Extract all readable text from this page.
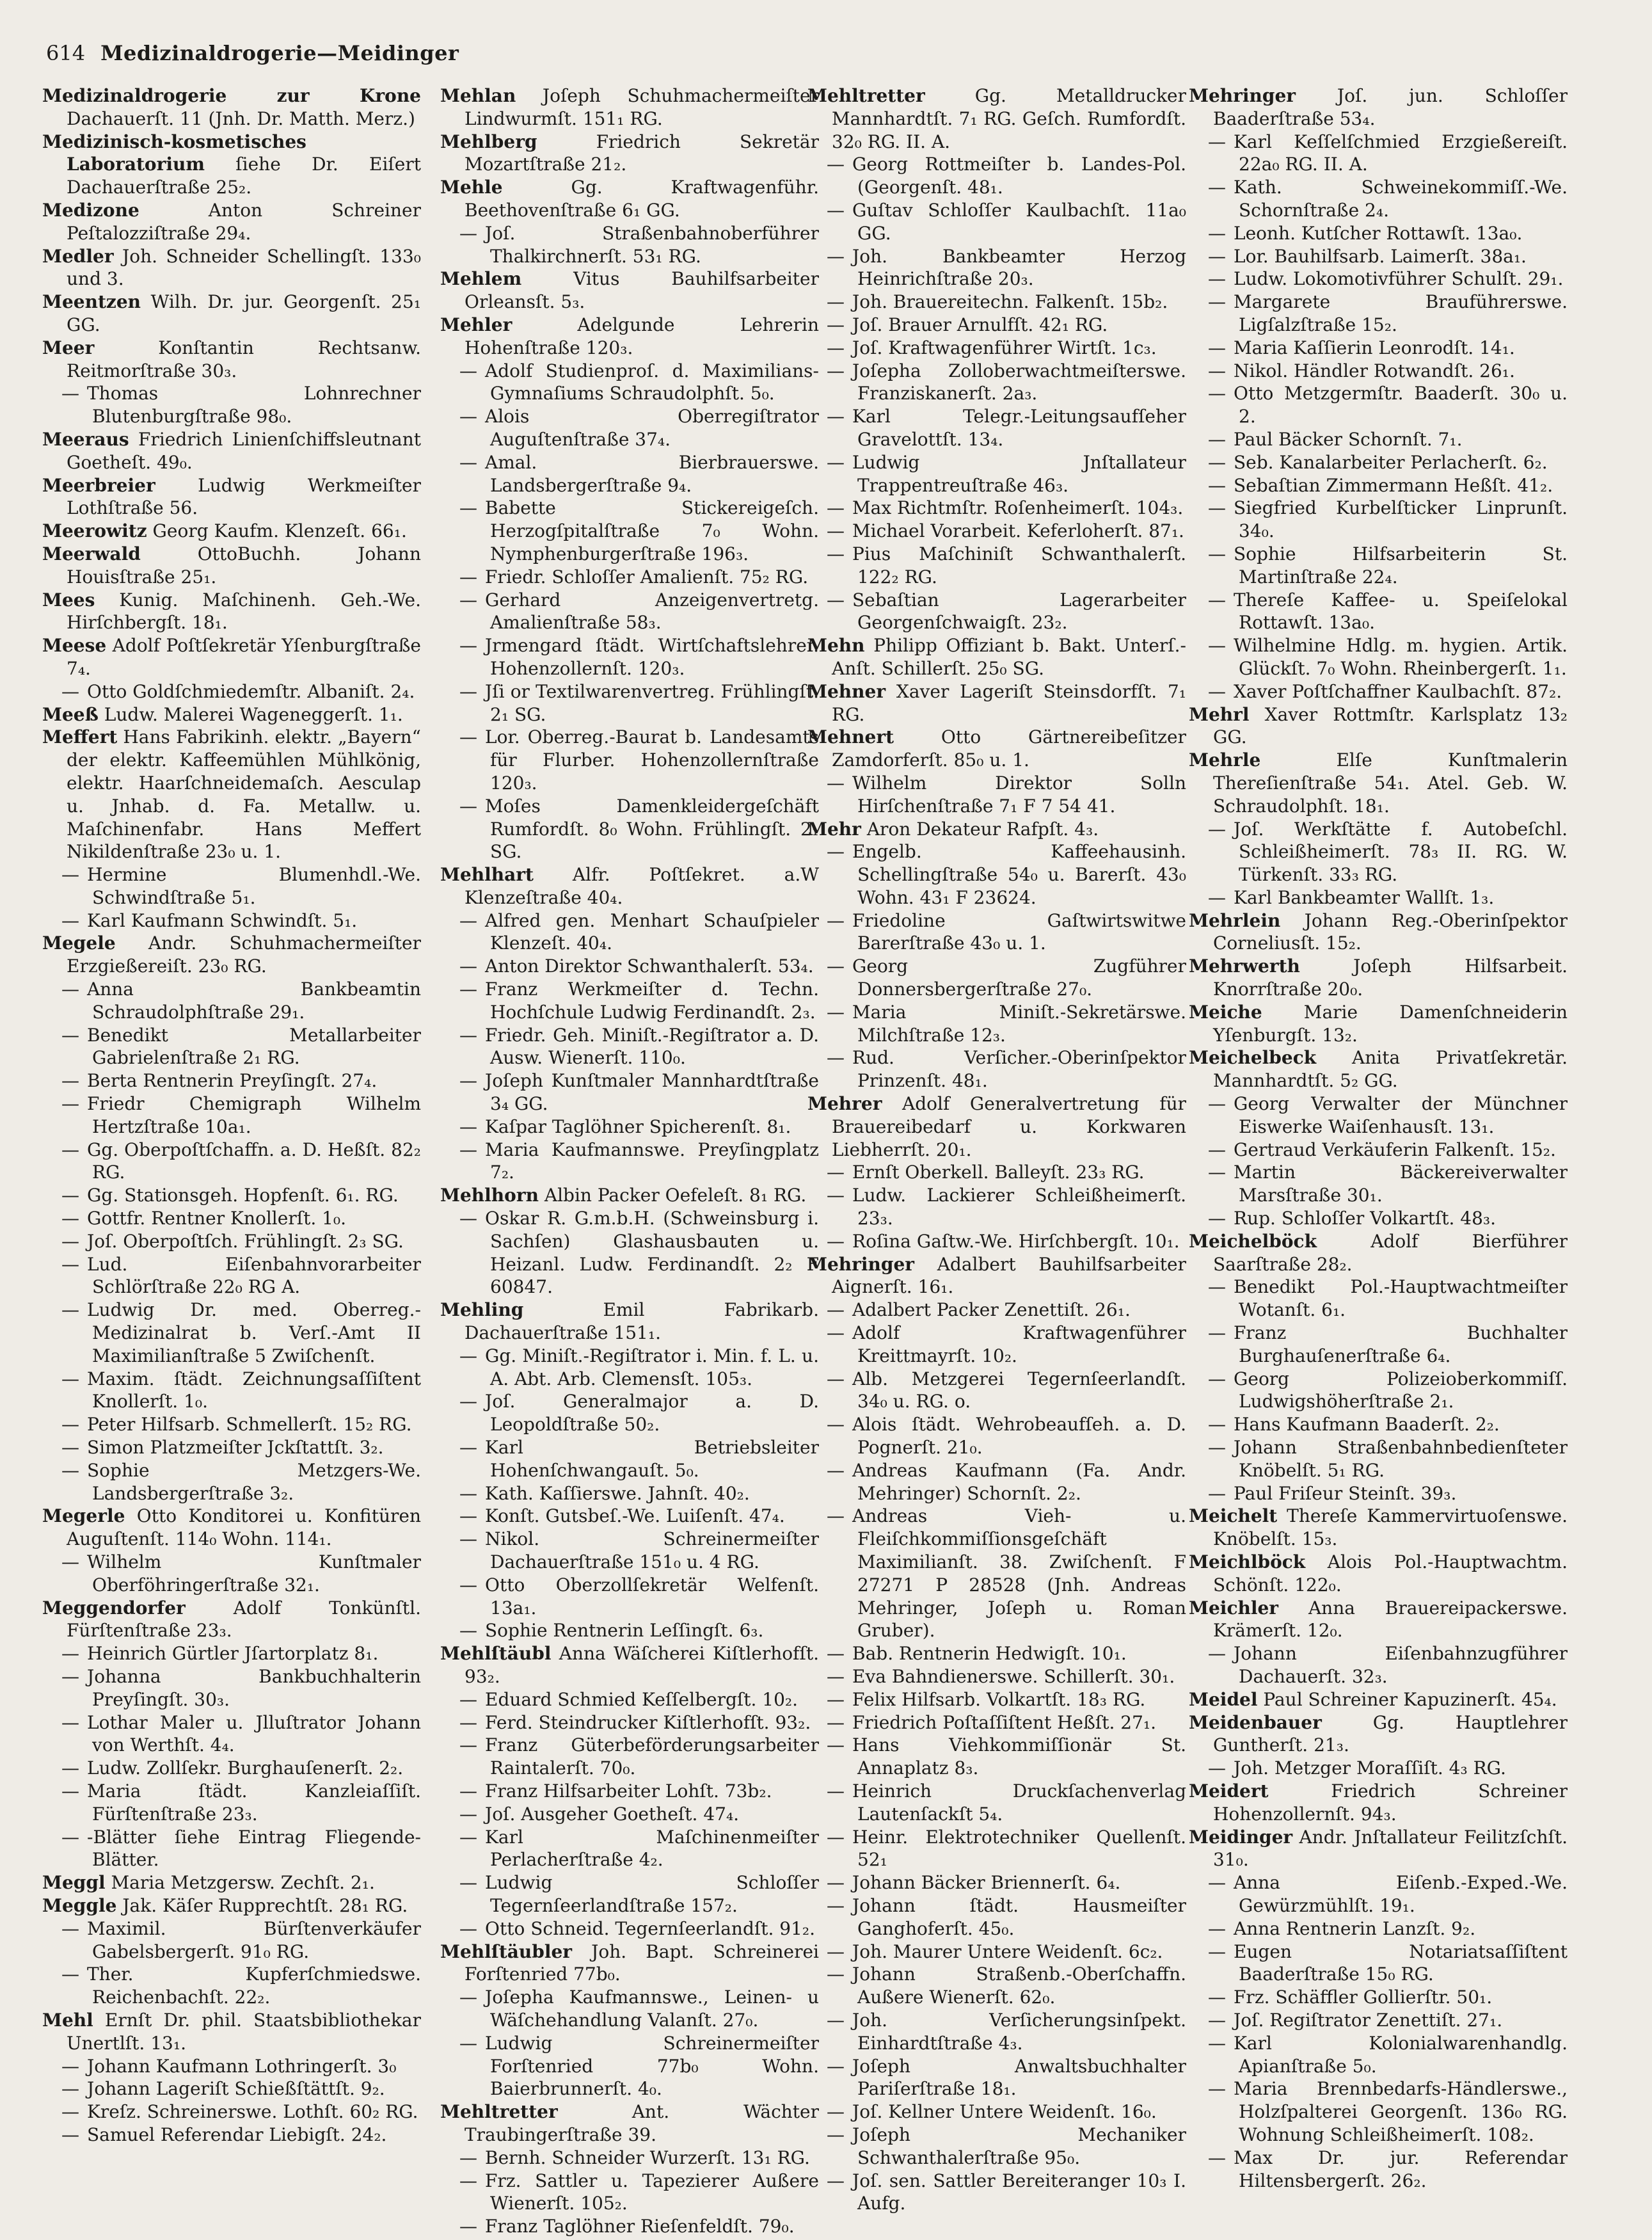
614 Medizinaldrogerie—Meidinger

Medizinaldrogerie zur Krone Dachauerſt. 11 (Jnh. Dr. Matth. Merz.)

Medizinisch-kosmetisches Laboratorium ſiehe Dr. Eiſert Dachauerſtraße 25₂.

Medizone Anton Schreiner Peſtalozziſtraße 29₄.

Medler Joh. Schneider Schellingſt. 133₀ und 3.

Meentzen Wilh. Dr. jur. Georgenſt. 25₁ GG.

Meer Konſtantin Rechtsanw. Reitmorſtraße 30₃.

— Thomas Lohnrechner Blutenburgſtraße 98₀.

Meeraus Friedrich Linienſchiffsleutnant Goetheſt. 49₀.

Meerbreier Ludwig Werkmeiſter Lothſtraße 56.

Meerowitz Georg Kaufm. Klenzeſt. 66₁.

Meerwald OttoBuchh. Johann Houisſtraße 25₁.

Mees Kunig. Maſchinenh. Geh.-We. Hirſchbergſt. 18₁.

Meese Adolf Poſtſekretär Yſenburgſtraße 7₄.

— Otto Goldſchmiedemſtr. Albaniſt. 2₄.

Meeß Ludw. Malerei Wageneggerſt. 1₁.

Meffert Hans Fabrikinh. elektr. „Bayern“ der elektr. Kaffeemühlen Mühlkönig, elektr. Haarſchneidemaſch. Aesculap u. Jnhab. d. Fa. Metallw. u. Maſchinenfabr. Hans Meffert Nikildenſtraße 23₀ u. 1.

— Hermine Blumenhdl.-We. Schwindſtraße 5₁.

— Karl Kaufmann Schwindſt. 5₁.

Megele Andr. Schuhmachermeiſter Erzgießereiſt. 23₀ RG.

— Anna Bankbeamtin Schraudolphſtraße 29₁.

— Benedikt Metallarbeiter Gabrielenſtraße 2₁ RG.

— Berta Rentnerin Preyſingſt. 27₄.

— Friedr Chemigraph Wilhelm Hertzſtraße 10a₁.

— Gg. Oberpoſtſchaffn. a. D. Heßſt. 82₂ RG.

— Gg. Stationsgeh. Hopfenſt. 6₁. RG.

— Gottfr. Rentner Knollerſt. 1₀.

— Joſ. Oberpoſtſch. Frühlingſt. 2₃ SG.

— Lud. Eiſenbahnvorarbeiter Schlörſtraße 22₀ RG A.

— Ludwig Dr. med. Oberreg.-Medizinalrat b. Verſ.-Amt II Maximilianſtraße 5 Zwiſchenſt.

— Maxim. ſtädt. Zeichnungsaſſiſtent Knollerſt. 1₀.

— Peter Hilfsarb. Schmellerſt. 15₂ RG.

— Simon Platzmeiſter Jckſtattſt. 3₂.

— Sophie Metzgers-We. Landsbergerſtraße 3₂.

Megerle Otto Konditorei u. Konfitüren Auguſtenſt. 114₀ Wohn. 114₁.

— Wilhelm Kunſtmaler Oberföhringerſtraße 32₁.

Meggendorfer Adolf Tonkünſtl. Fürſtenſtraße 23₃.

— Heinrich Gürtler Jſartorplatz 8₁.

— Johanna Bankbuchhalterin Preyſingſt. 30₃.

— Lothar Maler u. Jlluſtrator Johann von Werthſt. 4₄.

— Ludw. Zollſekr. Burghauſenerſt. 2₂.

— Maria ſtädt. Kanzleiaſſiſt. Fürſtenſtraße 23₃.

— -Blätter ſiehe Eintrag Fliegende-Blätter.

Meggl Maria Metzgersw. Zechſt. 2₁.

Meggle Jak. Käſer Rupprechtſt. 28₁ RG.

— Maximil. Bürſtenverkäufer Gabelsbergerſt. 91₀ RG.

— Ther. Kupferſchmiedswe. Reichenbachſt. 22₂.

Mehl Ernſt Dr. phil. Staatsbibliothekar Unertlſt. 13₁.

— Johann Kaufmann Lothringerſt. 3₀

— Johann Lageriſt Schießſtättſt. 9₂.

— Kreſz. Schreinerswe. Lothſt. 60₂ RG.

— Samuel Referendar Liebigſt. 24₂.

Mehlan Joſeph Schuhmachermeiſter Lindwurmſt. 151₁ RG.

Mehlberg Friedrich Sekretär Mozartſtraße 21₂.

Mehle Gg. Kraftwagenführ. Beethovenſtraße 6₁ GG.

— Joſ. Straßenbahnoberführer Thalkirchnerſt. 53₁ RG.

Mehlem Vitus Bauhilfsarbeiter Orleansſt. 5₃.

Mehler Adelgunde Lehrerin Hohenſtraße 120₃.

— Adolf Studienproſ. d. Maximilians-Gymnaſiums Schraudolphſt. 5₀.

— Alois Oberregiſtrator Auguſtenſtraße 37₄.

— Amal. Bierbrauerswe. Landsbergerſtraße 9₄.

— Babette Stickereigeſch. Herzogſpitalſtraße 7₀ Wohn. Nymphenburgerſtraße 196₃.

— Friedr. Schloſſer Amalienſt. 75₂ RG.

— Gerhard Anzeigenvertretg. Amalienſtraße 58₃.

— Jrmengard ſtädt. Wirtſchaftslehrer. Hohenzollernſt. 120₃.

— Jſi or Textilwarenvertreg. Frühlingſt. 2₁ SG.

— Lor. Oberreg.-Baurat b. Landesamts für Flurber. Hohenzollernſtraße 120₃.

— Moſes Damenkleidergeſchäft Rumfordſt. 8₀ Wohn. Frühlingſt. 2₁ SG.

Mehlhart Alfr. Poſtſekret. a.W Klenzeſtraße 40₄.

— Alfred gen. Menhart Schauſpieler Klenzeſt. 40₄.

— Anton Direktor Schwanthalerſt. 53₄.

— Franz Werkmeiſter d. Techn. Hochſchule Ludwig Ferdinandſt. 2₃.

— Friedr. Geh. Miniſt.-Regiſtrator a. D. Ausw. Wienerſt. 110₀.

— Joſeph Kunſtmaler Mannhardtſtraße 3₄ GG.

— Kaſpar Taglöhner Spicherenſt. 8₁.

— Maria Kaufmannswe. Preyſingplatz 7₂.

Mehlhorn Albin Packer Oefeleſt. 8₁ RG.

— Oskar R. G.m.b.H. (Schweinsburg i. Sachſen) Glashausbauten u. Heizanl. Ludw. Ferdinandſt. 2₂ F 60847.

Mehling Emil Fabrikarb. Dachauerſtraße 151₁.

— Gg. Miniſt.-Regiſtrator i. Min. f. L. u. A. Abt. Arb. Clemensſt. 105₃.

— Joſ. Generalmajor a. D. Leopoldſtraße 50₂.

— Karl Betriebsleiter Hohenſchwangauſt. 5₀.

— Kath. Kaſſierswe. Jahnſt. 40₂.

— Konſt. Gutsbeſ.-We. Luiſenſt. 47₄.

— Nikol. Schreinermeiſter Dachauerſtraße 151₀ u. 4 RG.

— Otto Oberzollſekretär Welfenſt. 13a₁.

— Sophie Rentnerin Leſſingſt. 6₃.

Mehlſtäubl Anna Wäſcherei Kiſtlerhofſt. 93₂.

— Eduard Schmied Keſſelbergſt. 10₂.

— Ferd. Steindrucker Kiſtlerhofſt. 93₂.

— Franz Güterbeförderungsarbeiter Raintalerſt. 70₀.

— Franz Hilfsarbeiter Lohſt. 73b₂.

— Joſ. Ausgeher Goetheſt. 47₄.

— Karl Maſchinenmeiſter Perlacherſtraße 4₂.

— Ludwig Schloſſer Tegernſeerlandſtraße 157₂.

— Otto Schneid. Tegernſeerlandſt. 91₂.

Mehlſtäubler Joh. Bapt. Schreinerei Forſtenried 77b₀.

— Joſepha Kaufmannswe., Leinen- u Wäſchehandlung Valanſt. 27₀.

— Ludwig Schreinermeiſter Forſtenried 77b₀ Wohn. Baierbrunnerſt. 4₀.

Mehltretter Ant. Wächter Traubingerſtraße 39.

— Bernh. Schneider Wurzerſt. 13₁ RG.

— Frz. Sattler u. Tapezierer Außere Wienerſt. 105₂.

— Franz Taglöhner Rieſenfeldſt. 79₀.

Mehltretter Gg. Metalldrucker Mannhardtſt. 7₁ RG. Geſch. Rumfordſt. 32₀ RG. II. A.

— Georg Rottmeiſter b. Landes-Pol. (Georgenſt. 48₁.

— Guſtav Schloſſer Kaulbachſt. 11a₀ GG.

— Joh. Bankbeamter Herzog Heinrichſtraße 20₃.

— Joh. Brauereitechn. Falkenſt. 15b₂.

— Joſ. Brauer Arnulfſt. 42₁ RG.

— Joſ. Kraftwagenführer Wirtſt. 1c₃.

— Joſepha Zolloberwachtmeiſterswe. Franziskanerſt. 2a₃.

— Karl Telegr.-Leitungsaufſeher Gravelottſt. 13₄.

— Ludwig Jnſtallateur Trappentreuſtraße 46₃.

— Max Richtmſtr. Roſenheimerſt. 104₃.

— Michael Vorarbeit. Keferloherſt. 87₁.

— Pius Maſchiniſt Schwanthalerſt. 122₂ RG.

— Sebaſtian Lagerarbeiter Georgenſchwaigſt. 23₂.

Mehn Philipp Offiziant b. Bakt. Unterſ.-Anſt. Schillerſt. 25₀ SG.

Mehner Xaver Lageriſt Steinsdorfſt. 7₁ RG.

Mehnert Otto Gärtnereibeſitzer Zamdorferſt. 85₀ u. 1.

— Wilhelm Direktor Solln Hirſchenſtraße 7₁ F 7 54 41.

Mehr Aron Dekateur Rafpſt. 4₃.

— Engelb. Kaffeehausinh. Schellingſtraße 54₀ u. Barerſt. 43₀ Wohn. 43₁ F 23624.

— Friedoline Gaſtwirtswitwe Barerſtraße 43₀ u. 1.

— Georg Zugführer Donnersbergerſtraße 27₀.

— Maria Miniſt.-Sekretärswe. Milchſtraße 12₃.

— Rud. Verſicher.-Oberinſpektor Prinzenſt. 48₁.

Mehrer Adolf Generalvertretung für Brauereibedarf u. Korkwaren Liebherrſt. 20₁.

— Ernſt Oberkell. Balleyſt. 23₃ RG.

— Ludw. Lackierer Schleißheimerſt. 23₃.

— Roſina Gaſtw.-We. Hirſchbergſt. 10₁.

Mehringer Adalbert Bauhilfsarbeiter Aignerſt. 16₁.

— Adalbert Packer Zenettiſt. 26₁.

— Adolf Kraftwagenführer Kreittmayrſt. 10₂.

— Alb. Metzgerei Tegernſeerlandſt. 34₀ u. RG. o.

— Alois ſtädt. Wehrobeaufſeh. a. D. Pognerſt. 21₀.

— Andreas Kaufmann (Fa. Andr. Mehringer) Schornſt. 2₂.

— Andreas Vieh- u. Fleiſchkommiſſionsgeſchäft Maximilianſt. 38. Zwiſchenſt. F 27271 P 28528 (Jnh. Andreas Mehringer, Joſeph u. Roman Gruber).

— Bab. Rentnerin Hedwigſt. 10₁.

— Eva Bahndienerswe. Schillerſt. 30₁.

— Felix Hilfsarb. Volkartſt. 18₃ RG.

— Friedrich Poſtaſſiſtent Heßſt. 27₁.

— Hans Viehkommiſſionär St. Annaplatz 8₃.

— Heinrich Druckſachenverlag Lautenſackſt 5₄.

— Heinr. Elektrotechniker Quellenſt. 52₁

— Johann Bäcker Briennerſt. 6₄.

— Johann ſtädt. Hausmeiſter Ganghoferſt. 45₀.

— Joh. Maurer Untere Weidenſt. 6c₂.

— Johann Straßenb.-Oberſchaffn. Außere Wienerſt. 62₀.

— Joh. Verſicherungsinſpekt. Einhardtſtraße 4₃.

— Joſeph Anwaltsbuchhalter Pariſerſtraße 18₁.

— Joſ. Kellner Untere Weidenſt. 16₀.

— Joſeph Mechaniker Schwanthalerſtraße 95₀.

— Joſ. sen. Sattler Bereiteranger 10₃ I. Aufg.

Mehringer Joſ. jun. Schloſſer Baaderſtraße 53₄.

— Karl Keſſelſchmied Erzgießereiſt. 22a₀ RG. II. A.

— Kath. Schweinekommiſſ.-We. Schornſtraße 2₄.

— Leonh. Kutſcher Rottawſt. 13a₀.

— Lor. Bauhilfsarb. Laimerſt. 38a₁.

— Ludw. Lokomotivführer Schulſt. 29₁.

— Margarete Brauführerswe. Ligſalzſtraße 15₂.

— Maria Kaſſierin Leonrodſt. 14₁.

— Nikol. Händler Rotwandſt. 26₁.

— Otto Metzgermſtr. Baaderſt. 30₀ u. 2.

— Paul Bäcker Schornſt. 7₁.

— Seb. Kanalarbeiter Perlacherſt. 6₂.

— Sebaſtian Zimmermann Heßſt. 41₂.

— Siegfried Kurbelſticker Linprunſt. 34₀.

— Sophie Hilfsarbeiterin St. Martinſtraße 22₄.

— Thereſe Kaffee- u. Speiſelokal Rottawſt. 13a₀.

— Wilhelmine Hdlg. m. hygien. Artik. Glückſt. 7₀ Wohn. Rheinbergerſt. 1₁.

— Xaver Poſtſchaffner Kaulbachſt. 87₂.

Mehrl Xaver Rottmſtr. Karlsplatz 13₂ GG.

Mehrle Elſe Kunſtmalerin Thereſienſtraße 54₁. Atel. Geb. W. Schraudolphſt. 18₁.

— Joſ. Werkſtätte f. Autobeſchl. Schleißheimerſt. 78₃ II. RG. W. Türkenſt. 33₃ RG.

— Karl Bankbeamter Wallſt. 1₃.

Mehrlein Johann Reg.-Oberinſpektor Corneliusſt. 15₂.

Mehrwerth Joſeph Hilfsarbeit. Knorrſtraße 20₀.

Meiche Marie Damenſchneiderin Yſenburgſt. 13₂.

Meichelbeck Anita Privatſekretär. Mannhardtſt. 5₂ GG.

— Georg Verwalter der Münchner Eiswerke Waiſenhausſt. 13₁.

— Gertraud Verkäuferin Falkenſt. 15₂.

— Martin Bäckereiverwalter Marsſtraße 30₁.

— Rup. Schloſſer Volkartſt. 48₃.

Meichelböck Adolf Bierführer Saarſtraße 28₂.

— Benedikt Pol.-Hauptwachtmeiſter Wotanſt. 6₁.

— Franz Buchhalter Burghauſenerſtraße 6₄.

— Georg Polizeioberkommiſſ. Ludwigshöherſtraße 2₁.

— Hans Kaufmann Baaderſt. 2₂.

— Johann Straßenbahnbedienſteter Knöbelſt. 5₁ RG.

— Paul Friſeur Steinſt. 39₃.

Meichelt Thereſe Kammervirtuoſenswe. Knöbelſt. 15₃.

Meichlböck Alois Pol.-Hauptwachtm. Schönſt. 122₀.

Meichler Anna Brauereipackerswe. Krämerſt. 12₀.

— Johann Eiſenbahnzugführer Dachauerſt. 32₃.

Meidel Paul Schreiner Kapuzinerſt. 45₄.

Meidenbauer Gg. Hauptlehrer Guntherſt. 21₃.

— Joh. Metzger Moraſſiſt. 4₃ RG.

Meidert Friedrich Schreiner Hohenzollernſt. 94₃.

Meidinger Andr. Jnſtallateur Feilitzſchſt. 31₀.

— Anna Eiſenb.-Exped.-We. Gewürzmühlſt. 19₁.

— Anna Rentnerin Lanzſt. 9₂.

— Eugen Notariatsaſſiſtent Baaderſtraße 15₀ RG.

— Frz. Schäffler Gollierſtr. 50₁.

— Joſ. Regiſtrator Zenettiſt. 27₁.

— Karl Kolonialwarenhandlg. Apianſtraße 5₀.

— Maria Brennbedarfs-Händlerswe., Holzſpalterei Georgenſt. 136₀ RG. Wohnung Schleißheimerſt. 108₂.

— Max Dr. jur. Referendar Hiltensbergerſt. 26₂.
